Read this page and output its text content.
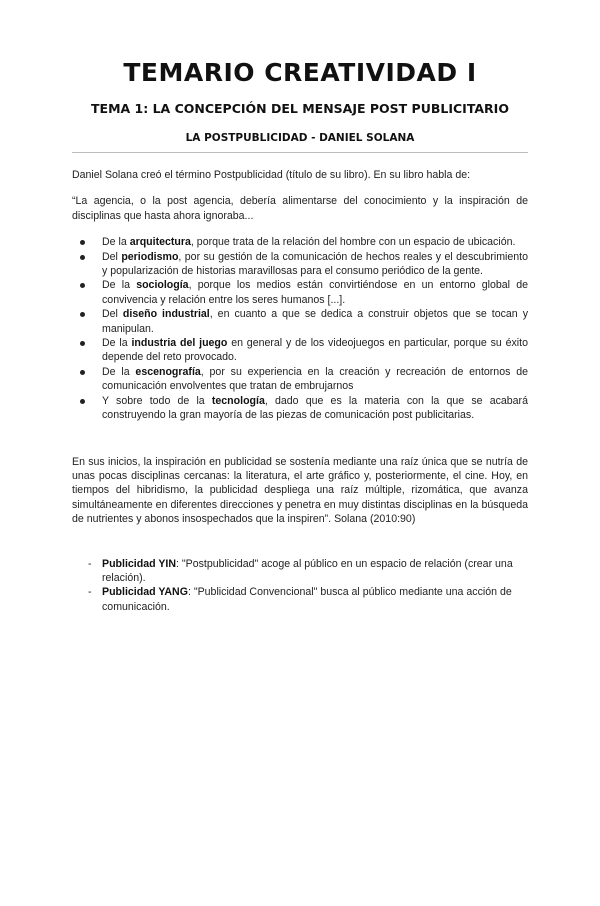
TEMARIO CREATIVIDAD I
TEMA 1: LA CONCEPCIÓN DEL MENSAJE POST PUBLICITARIO
LA POSTPUBLICIDAD - DANIEL SOLANA

Daniel Solana creó el término Postpublicidad (título de su libro). En su libro habla de:

“La agencia, o la post agencia, debería alimentarse del conocimiento y la inspiración de disciplinas que hasta ahora ignoraba...

De la arquitectura, porque trata de la relación del hombre con un espacio de ubicación.
Del periodismo, por su gestión de la comunicación de hechos reales y el descubrimiento y popularización de historias maravillosas para el consumo periódico de la gente.
De la sociología, porque los medios están convirtiéndose en un entorno global de convivencia y relación entre los seres humanos [...].
Del diseño industrial, en cuanto a que se dedica a construir objetos que se tocan y manipulan.
De la industria del juego en general y de los videojuegos en particular, porque su éxito depende del reto provocado.
De la escenografía, por su experiencia en la creación y recreación de entornos de comunicación envolventes que tratan de embrujarnos
Y sobre todo de la tecnología, dado que es la materia con la que se acabará construyendo la gran mayoría de las piezas de comunicación post publicitarias.

En sus inicios, la inspiración en publicidad se sostenía mediante una raíz única que se nutría de unas pocas disciplinas cercanas: la literatura, el arte gráfico y, posteriormente, el cine. Hoy, en tiempos del hibridismo, la publicidad despliega una raíz múltiple, rizomática, que avanza simultáneamente en diferentes direcciones y penetra en muy distintas disciplinas en la búsqueda de nutrientes y abonos insospechados que la inspiren”. Solana (2010:90)

- Publicidad YIN: "Postpublicidad" acoge al público en un espacio de relación (crear una relación).
- Publicidad YANG: "Publicidad Convencional" busca al público mediante una acción de comunicación.
